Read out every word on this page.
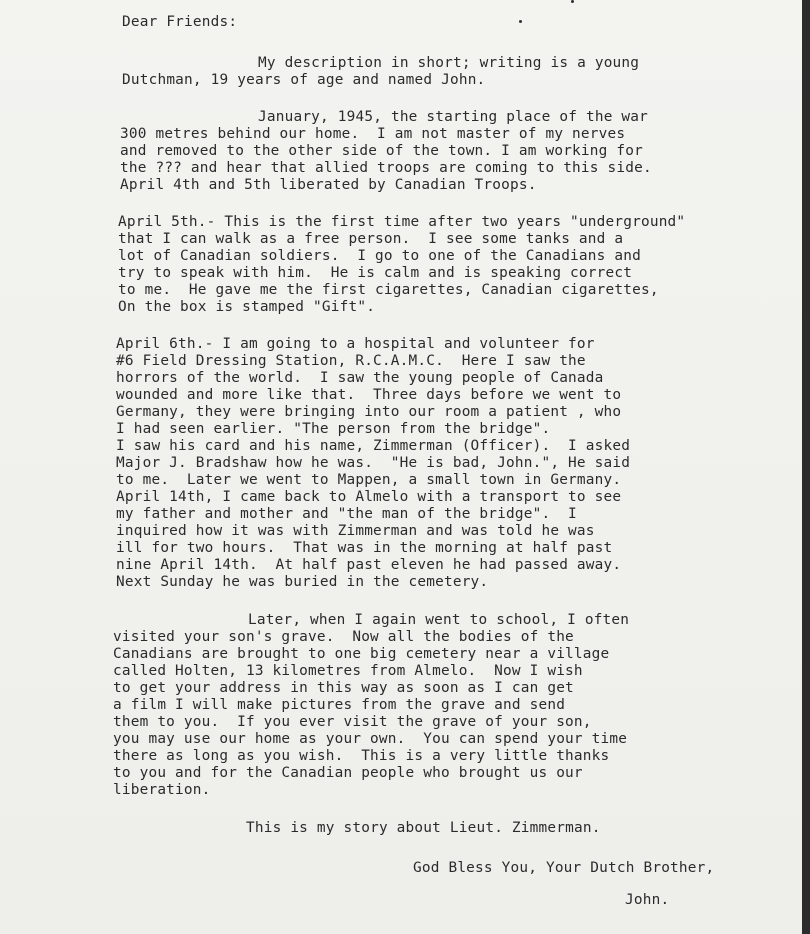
Dear Friends:
My description in short; writing is a young
Dutchman, 19 years of age and named John.
January, 1945, the starting place of the war
300 metres behind our home.  I am not master of my nerves
and removed to the other side of the town. I am working for
the ??? and hear that allied troops are coming to this side.
April 4th and 5th liberated by Canadian Troops.
April 5th.- This is the first time after two years "underground"
that I can walk as a free person.  I see some tanks and a
lot of Canadian soldiers.  I go to one of the Canadians and
try to speak with him.  He is calm and is speaking correct
to me.  He gave me the first cigarettes, Canadian cigarettes,
On the box is stamped "Gift".
April 6th.- I am going to a hospital and volunteer for
#6 Field Dressing Station, R.C.A.M.C.  Here I saw the
horrors of the world.  I saw the young people of Canada
wounded and more like that.  Three days before we went to
Germany, they were bringing into our room a patient , who
I had seen earlier. "The person from the bridge".
I saw his card and his name, Zimmerman (Officer).  I asked
Major J. Bradshaw how he was.  "He is bad, John.", He said
to me.  Later we went to Mappen, a small town in Germany.
April 14th, I came back to Almelo with a transport to see
my father and mother and "the man of the bridge".  I
inquired how it was with Zimmerman and was told he was
ill for two hours.  That was in the morning at half past
nine April 14th.  At half past eleven he had passed away.
Next Sunday he was buried in the cemetery.
Later, when I again went to school, I often
visited your son's grave.  Now all the bodies of the
Canadians are brought to one big cemetery near a village
called Holten, 13 kilometres from Almelo.  Now I wish
to get your address in this way as soon as I can get
a film I will make pictures from the grave and send
them to you.  If you ever visit the grave of your son,
you may use our home as your own.  You can spend your time
there as long as you wish.  This is a very little thanks
to you and for the Canadian people who brought us our
liberation.
This is my story about Lieut. Zimmerman.
God Bless You, Your Dutch Brother,
John.
